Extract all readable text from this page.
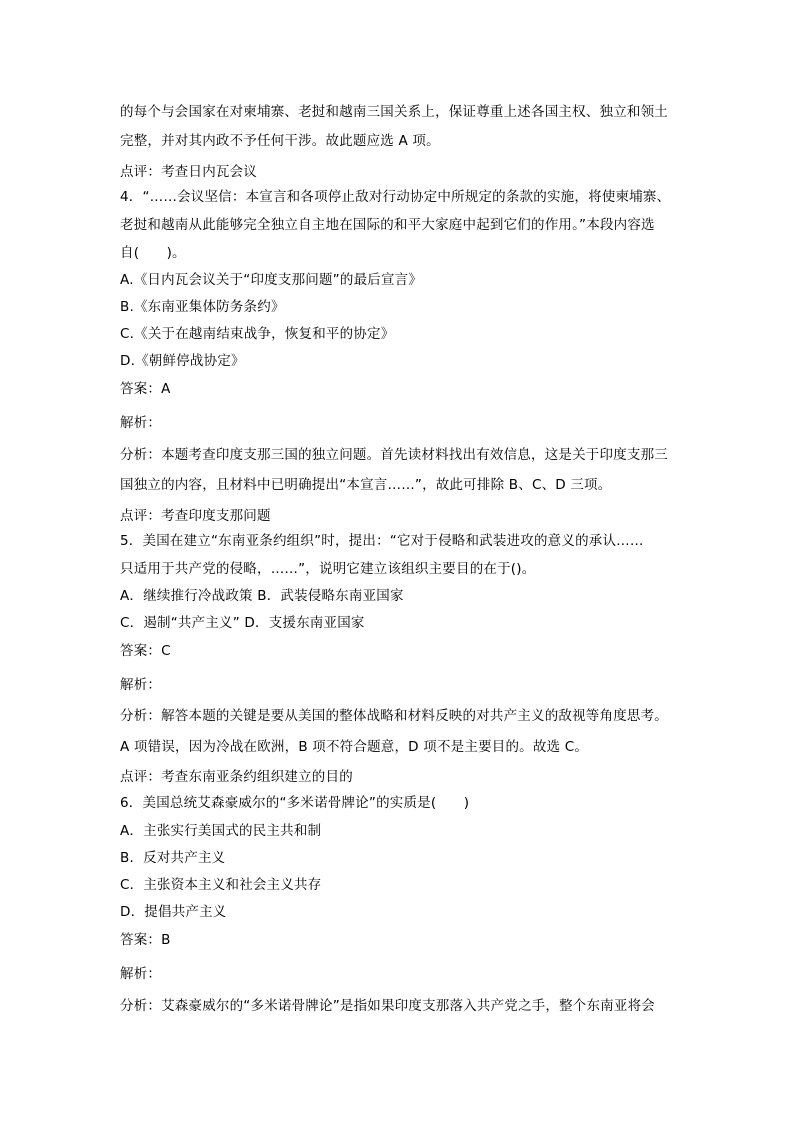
的每个与会国家在对柬埔寨、老挝和越南三国关系上，保证尊重上述各国主权、独立和领土
完整，并对其内政不予任何干涉。故此题应选 A 项。
点评：考查日内瓦会议
4．“……会议坚信：本宣言和各项停止敌对行动协定中所规定的条款的实施，将使柬埔寨、
老挝和越南从此能够完全独立自主地在国际的和平大家庭中起到它们的作用。”本段内容选
自(　　)。
A.《日内瓦会议关于“印度支那问题”的最后宣言》
B.《东南亚集体防务条约》
C.《关于在越南结束战争，恢复和平的协定》
D.《朝鲜停战协定》
答案：A
解析：
分析：本题考查印度支那三国的独立问题。首先读材料找出有效信息，这是关于印度支那三
国独立的内容，且材料中已明确提出“本宣言……”，故此可排除 B、C、D 三项。
点评：考查印度支那问题
5．美国在建立“东南亚条约组织”时，提出：“它对于侵略和武装进攻的意义的承认……
只适用于共产党的侵略，……”，说明它建立该组织主要目的在于()。
A．继续推行冷战政策 B．武装侵略东南亚国家
C．遏制“共产主义” D．支援东南亚国家
答案：C
解析：
分析：解答本题的关键是要从美国的整体战略和材料反映的对共产主义的敌视等角度思考。
A 项错误，因为冷战在欧洲，B 项不符合题意，D 项不是主要目的。故选 C。
点评：考查东南亚条约组织建立的目的
6．美国总统艾森豪威尔的“多米诺骨牌论”的实质是(　　)
A．主张实行美国式的民主共和制
B．反对共产主义
C．主张资本主义和社会主义共存
D．提倡共产主义
答案：B
解析：
分析：艾森豪威尔的“多米诺骨牌论”是指如果印度支那落入共产党之手，整个东南亚将会
